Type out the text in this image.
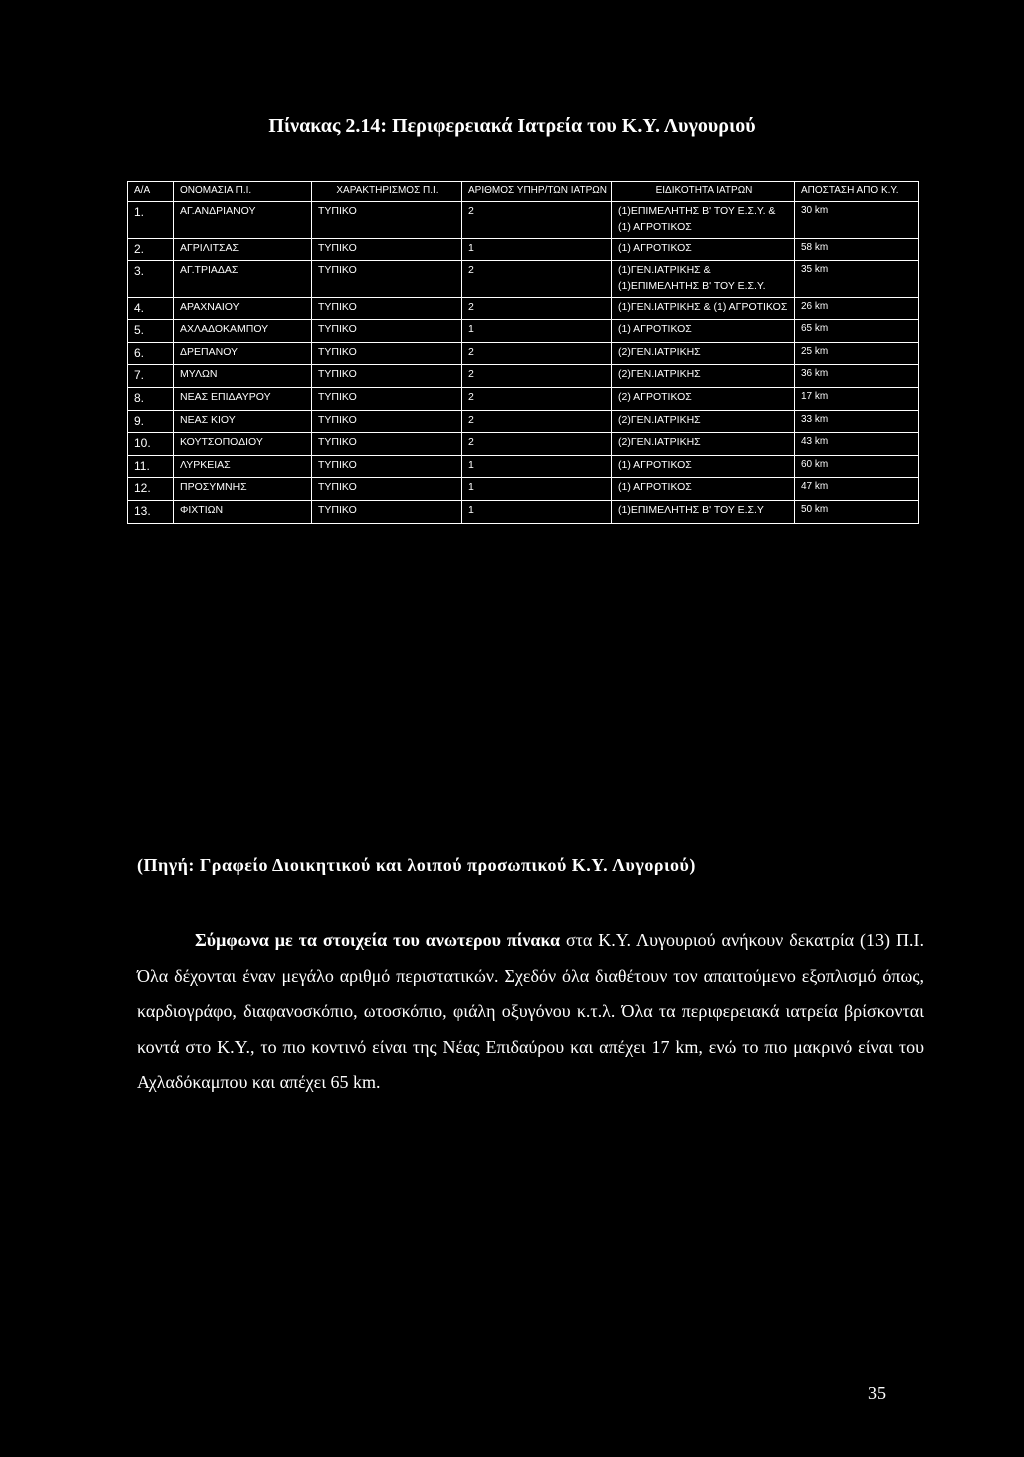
Πίνακας 2.14: Περιφερειακά Ιατρεία του Κ.Υ. Λυγουριού
Α/Α	ΟΝΟΜΑΣΙΑ Π.Ι.	ΧΑΡΑΚΤΗΡΙΣΜΟΣ Π.Ι.	ΑΡΙΘΜΟΣ ΥΠΗΡ/ΤΩΝ ΙΑΤΡΩΝ	ΕΙΔΙΚΟΤΗΤΑ ΙΑΤΡΩΝ	ΑΠΟΣΤΑΣΗ ΑΠΟ Κ.Υ.
1.	ΑΓ.ΑΝΔΡΙΑΝΟΥ	ΤΥΠΙΚΟ	2	(1)ΕΠΙΜΕΛΗΤΗΣ Β' ΤΟΥ Ε.Σ.Υ. & (1) ΑΓΡΟΤΙΚΟΣ	30 km
2.	ΑΓΡΙΛΙΤΣΑΣ	ΤΥΠΙΚΟ	1	(1) ΑΓΡΟΤΙΚΟΣ	58 km
3.	ΑΓ.ΤΡΙΑΔΑΣ	ΤΥΠΙΚΟ	2	(1)ΓΕΝ.ΙΑΤΡΙΚΗΣ & (1)ΕΠΙΜΕΛΗΤΗΣ Β' ΤΟΥ Ε.Σ.Υ.	35 km
4.	ΑΡΑΧΝΑΙΟΥ	ΤΥΠΙΚΟ	2	(1)ΓΕΝ.ΙΑΤΡΙΚΗΣ & (1) ΑΓΡΟΤΙΚΟΣ	26 km
5.	ΑΧΛΑΔΟΚΑΜΠΟΥ	ΤΥΠΙΚΟ	1	(1) ΑΓΡΟΤΙΚΟΣ	65 km
6.	ΔΡΕΠΑΝΟΥ	ΤΥΠΙΚΟ	2	(2)ΓΕΝ.ΙΑΤΡΙΚΗΣ	25 km
7.	ΜΥΛΩΝ	ΤΥΠΙΚΟ	2	(2)ΓΕΝ.ΙΑΤΡΙΚΗΣ	36 km
8.	ΝΕΑΣ ΕΠΙΔΑΥΡΟΥ	ΤΥΠΙΚΟ	2	(2) ΑΓΡΟΤΙΚΟΣ	17 km
9.	ΝΕΑΣ ΚΙΟΥ	ΤΥΠΙΚΟ	2	(2)ΓΕΝ.ΙΑΤΡΙΚΗΣ	33 km
10.	ΚΟΥΤΣΟΠΟΔΙΟΥ	ΤΥΠΙΚΟ	2	(2)ΓΕΝ.ΙΑΤΡΙΚΗΣ	43 km
11.	ΛΥΡΚΕΙΑΣ	ΤΥΠΙΚΟ	1	(1) ΑΓΡΟΤΙΚΟΣ	60 km
12.	ΠΡΟΣΥΜΝΗΣ	ΤΥΠΙΚΟ	1	(1) ΑΓΡΟΤΙΚΟΣ	47 km
13.	ΦΙΧΤΙΩΝ	ΤΥΠΙΚΟ	1	(1)ΕΠΙΜΕΛΗΤΗΣ Β' ΤΟΥ Ε.Σ.Υ	50 km
(Πηγή: Γραφείο Διοικητικού και λοιπού προσωπικού Κ.Υ. Λυγοριού)
Σύμφωνα με τα στοιχεία του ανωτερου πίνακα στα Κ.Υ. Λυγουριού ανήκουν δεκατρία (13) Π.Ι. Όλα δέχονται έναν μεγάλο αριθμό περιστατικών. Σχεδόν όλα διαθέτουν τον απαιτούμενο εξοπλισμό όπως, καρδιογράφο, διαφανοσκόπιο, ωτοσκόπιο, φιάλη οξυγόνου κ.τ.λ. Όλα τα περιφερειακά ιατρεία βρίσκονται κοντά στο Κ.Υ., το πιο κοντινό είναι της Νέας Επιδαύρου και απέχει 17 km, ενώ το πιο μακρινό είναι του Αχλαδόκαμπου και απέχει 65 km.
35
